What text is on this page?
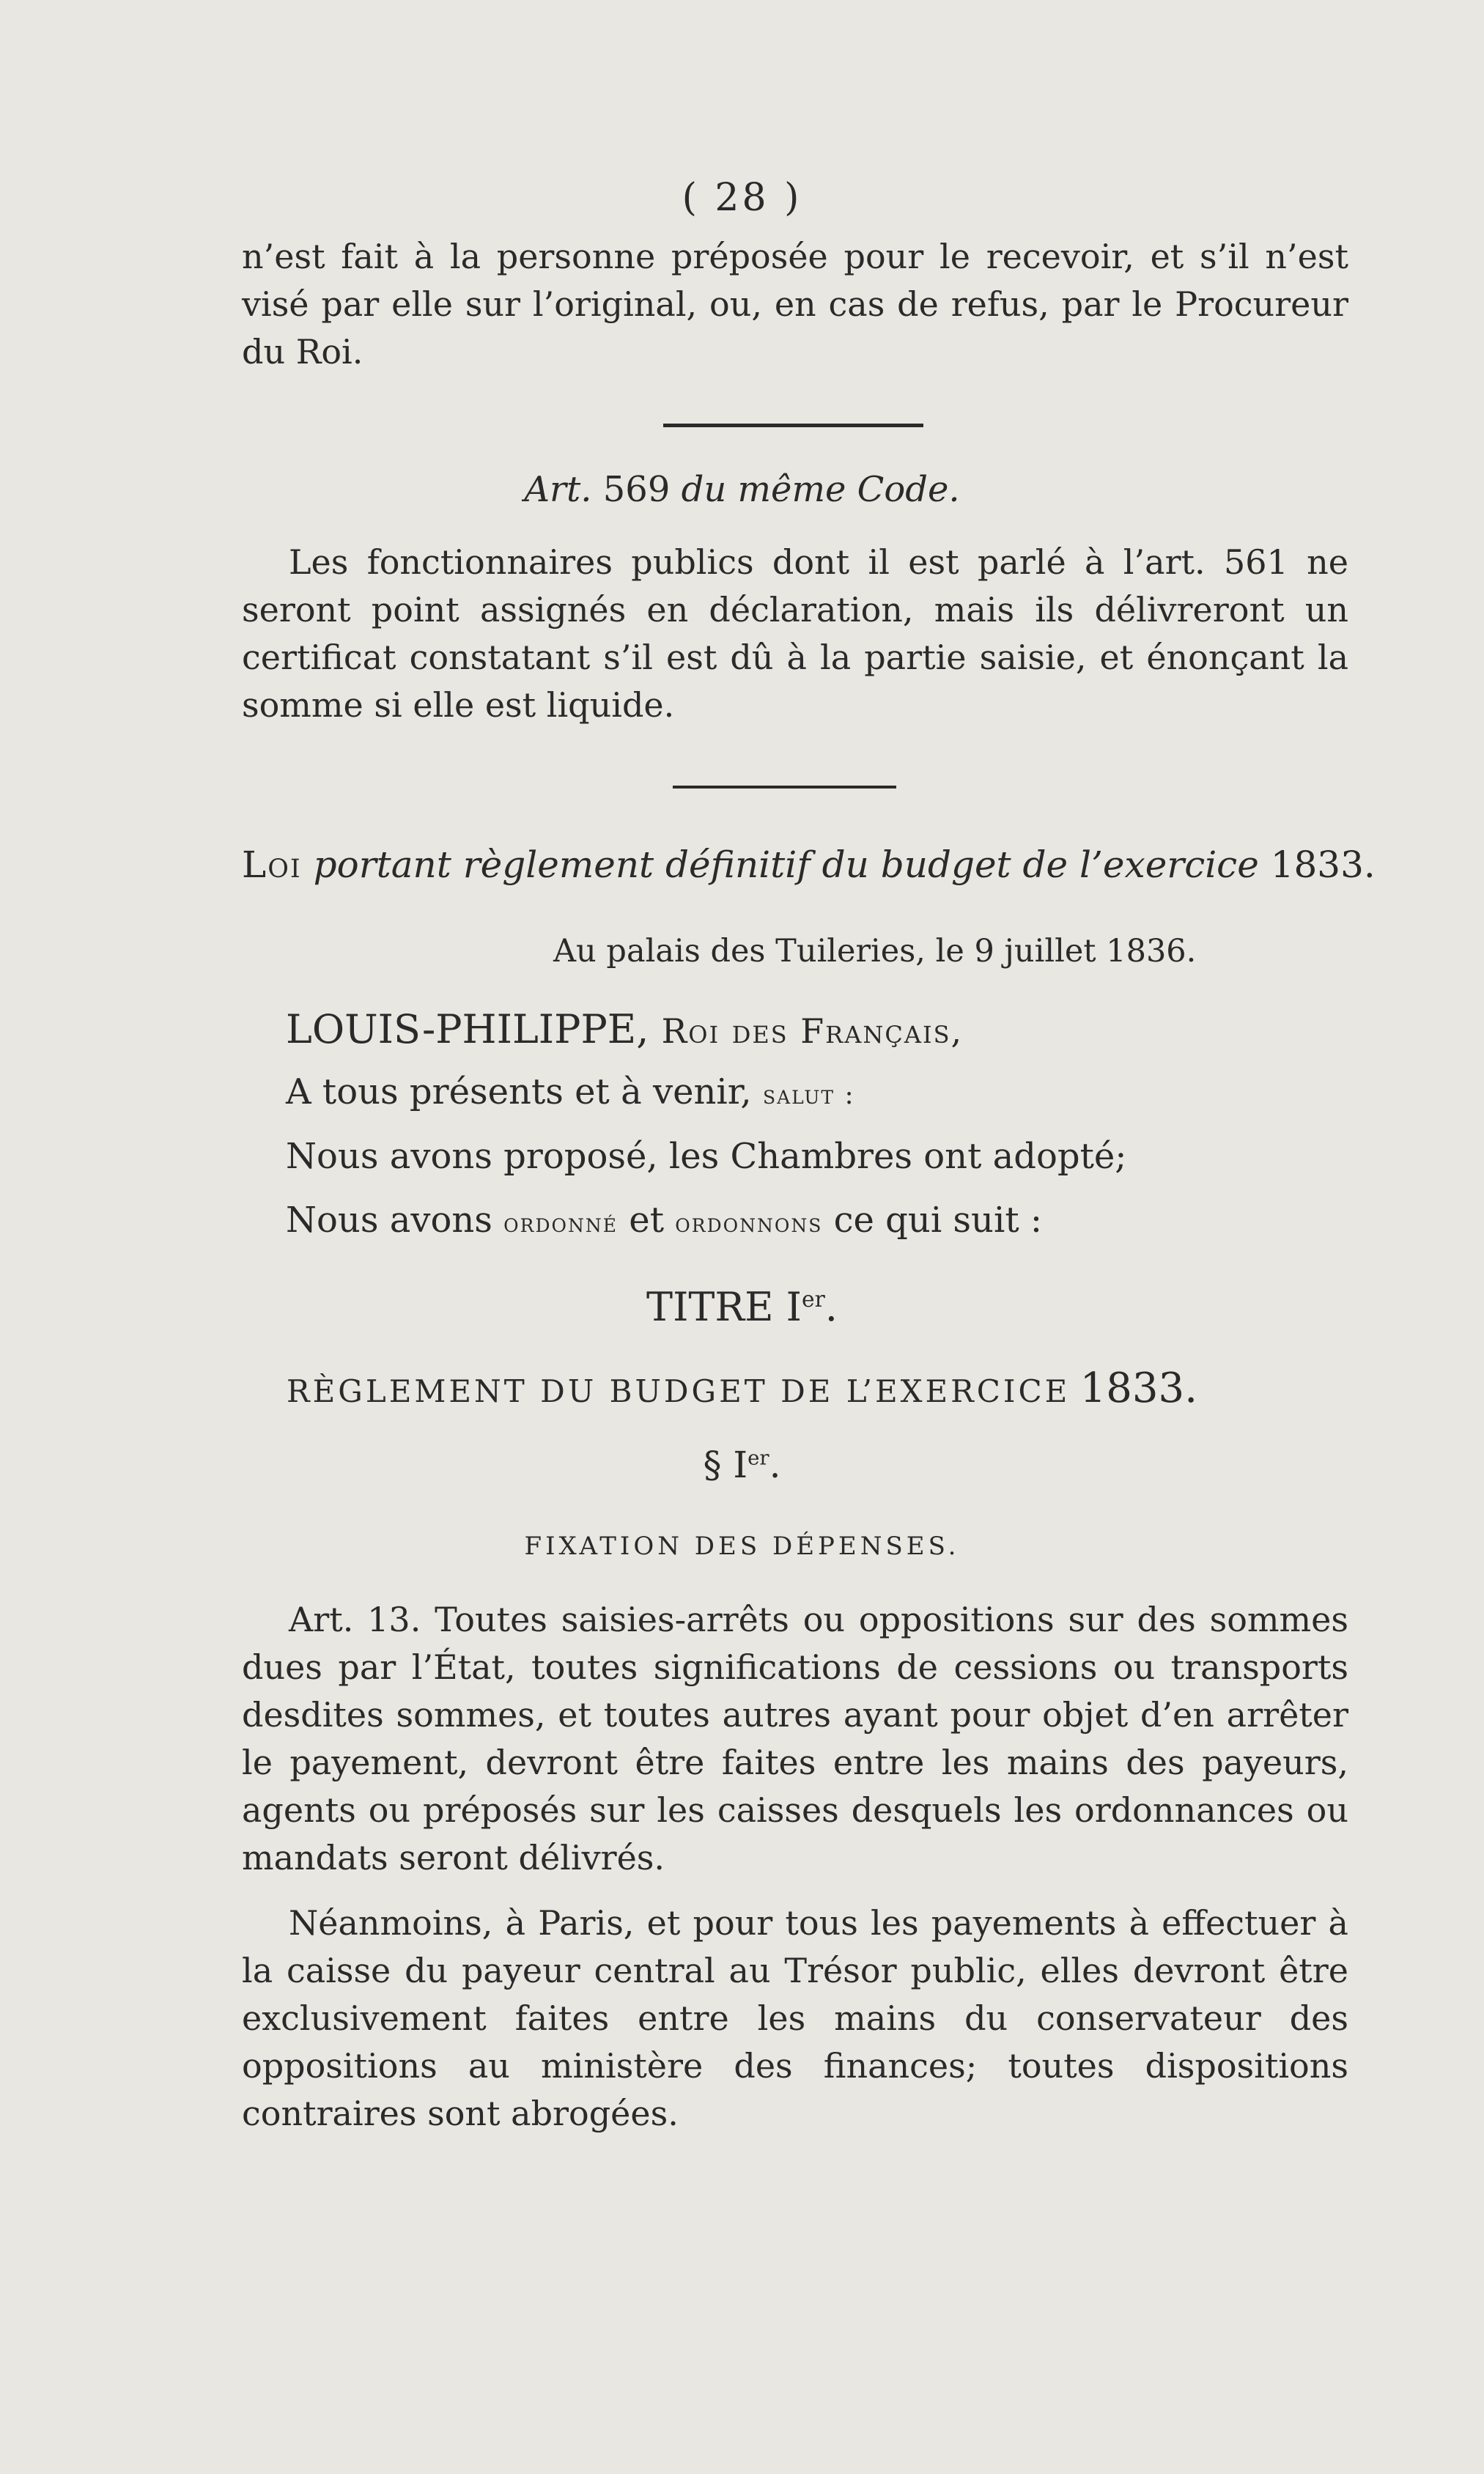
( 28 )

n’est fait à la personne préposée pour le recevoir, et s’il n’est visé par elle sur l’original, ou, en cas de refus, par le Procureur du Roi.

Art. 569 du même Code.

Les fonctionnaires publics dont il est parlé à l’art. 561 ne seront point assignés en déclaration, mais ils délivreront un certificat constatant s’il est dû à la partie saisie, et énonçant la somme si elle est liquide.

Loi portant règlement définitif du budget de l’exercice 1833.
Au palais des Tuileries, le 9 juillet 1836.
LOUIS-PHILIPPE, Roi des Français,
A tous présents et à venir, salut :
Nous avons proposé, les Chambres ont adopté;
Nous avons ordonné et ordonnons ce qui suit :
TITRE Ier.
RÈGLEMENT DU BUDGET DE L’EXERCICE 1833.
§ Ier.
FIXATION DES DÉPENSES.

Art. 13. Toutes saisies-arrêts ou oppositions sur des sommes dues par l’État, toutes significations de cessions ou transports desdites sommes, et toutes autres ayant pour objet d’en arrêter le payement, devront être faites entre les mains des payeurs, agents ou préposés sur les caisses desquels les ordonnances ou mandats seront délivrés.

Néanmoins, à Paris, et pour tous les payements à effectuer à la caisse du payeur central au Trésor public, elles devront être exclusivement faites entre les mains du conservateur des oppositions au ministère des finances; toutes dispositions contraires sont abrogées.
